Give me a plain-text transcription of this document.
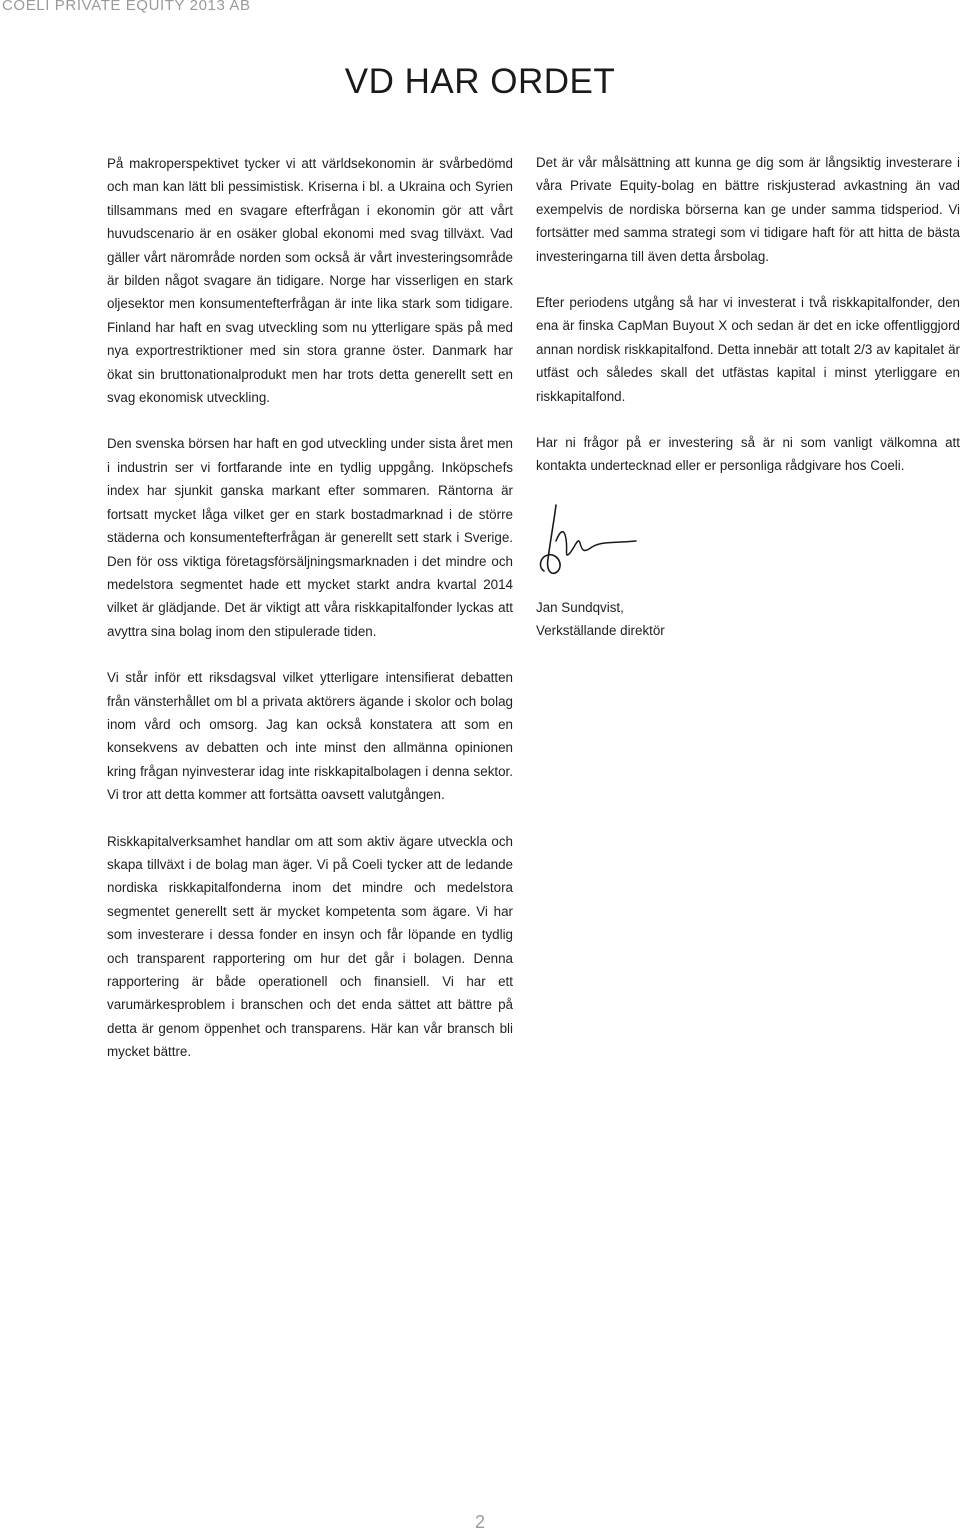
COELI PRIVATE EQUITY 2013 AB
VD HAR ORDET

På makroperspektivet tycker vi att världsekonomin är svårbedömd och man kan lätt bli pessimistisk. Kriserna i bl. a Ukraina och Syrien tillsammans med en svagare efterfrågan i ekonomin gör att vårt huvudscenario är en osäker global ekonomi med svag tillväxt. Vad gäller vårt närområde norden som också är vårt investeringsområde är bilden något svagare än tidigare. Norge har visserligen en stark oljesektor men konsumentefterfrågan är inte lika stark som tidigare. Finland har haft en svag utveckling som nu ytterligare späs på med nya exportrestriktioner med sin stora granne öster. Danmark har ökat sin bruttonationalprodukt men har trots detta generellt sett en svag ekonomisk utveckling.

Den svenska börsen har haft en god utveckling under sista året men i industrin ser vi fortfarande inte en tydlig uppgång. Inköpschefs index har sjunkit ganska markant efter sommaren. Räntorna är fortsatt mycket låga vilket ger en stark bostadmarknad i de större städerna och konsumentefterfrågan är generellt sett stark i Sverige. Den för oss viktiga företagsförsäljningsmarknaden i det mindre och medelstora segmentet hade ett mycket starkt andra kvartal 2014 vilket är glädjande. Det är viktigt att våra riskkapitalfonder lyckas att avyttra sina bolag inom den stipulerade tiden.

Vi står inför ett riksdagsval vilket ytterligare intensifierat debatten från vänsterhållet om bl a privata aktörers ägande i skolor och bolag inom vård och omsorg. Jag kan också konstatera att som en konsekvens av debatten och inte minst den allmänna opinionen kring frågan nyinvesterar idag inte riskkapitalbolagen i denna sektor. Vi tror att detta kommer att fortsätta oavsett valutgången.

Riskkapitalverksamhet handlar om att som aktiv ägare utveckla och skapa tillväxt i de bolag man äger. Vi på Coeli tycker att de ledande nordiska riskkapitalfonderna inom det mindre och medelstora segmentet generellt sett är mycket kompetenta som ägare. Vi har som investerare i dessa fonder en insyn och får löpande en tydlig och transparent rapportering om hur det går i bolagen. Denna rapportering är både operationell och finansiell. Vi har ett varumärkesproblem i branschen och det enda sättet att bättre på detta är genom öppenhet och transparens. Här kan vår bransch bli mycket bättre.

Det är vår målsättning att kunna ge dig som är långsiktig investerare i våra Private Equity-bolag en bättre riskjusterad avkastning än vad exempelvis de nordiska börserna kan ge under samma tidsperiod. Vi fortsätter med samma strategi som vi tidigare haft för att hitta de bästa investeringarna till även detta årsbolag.

Efter periodens utgång så har vi investerat i två riskkapitalfonder, den ena är finska CapMan Buyout X och sedan är det en icke offentliggjord annan nordisk riskkapitalfond. Detta innebär att totalt 2/3 av kapitalet är utfäst och således skall det utfästas kapital i minst yterliggare en riskkapitalfond.

Har ni frågor på er investering så är ni som vanligt välkomna att kontakta undertecknad eller er personliga rådgivare hos Coeli.

Jan Sundqvist,
Verkställande direktör
2
